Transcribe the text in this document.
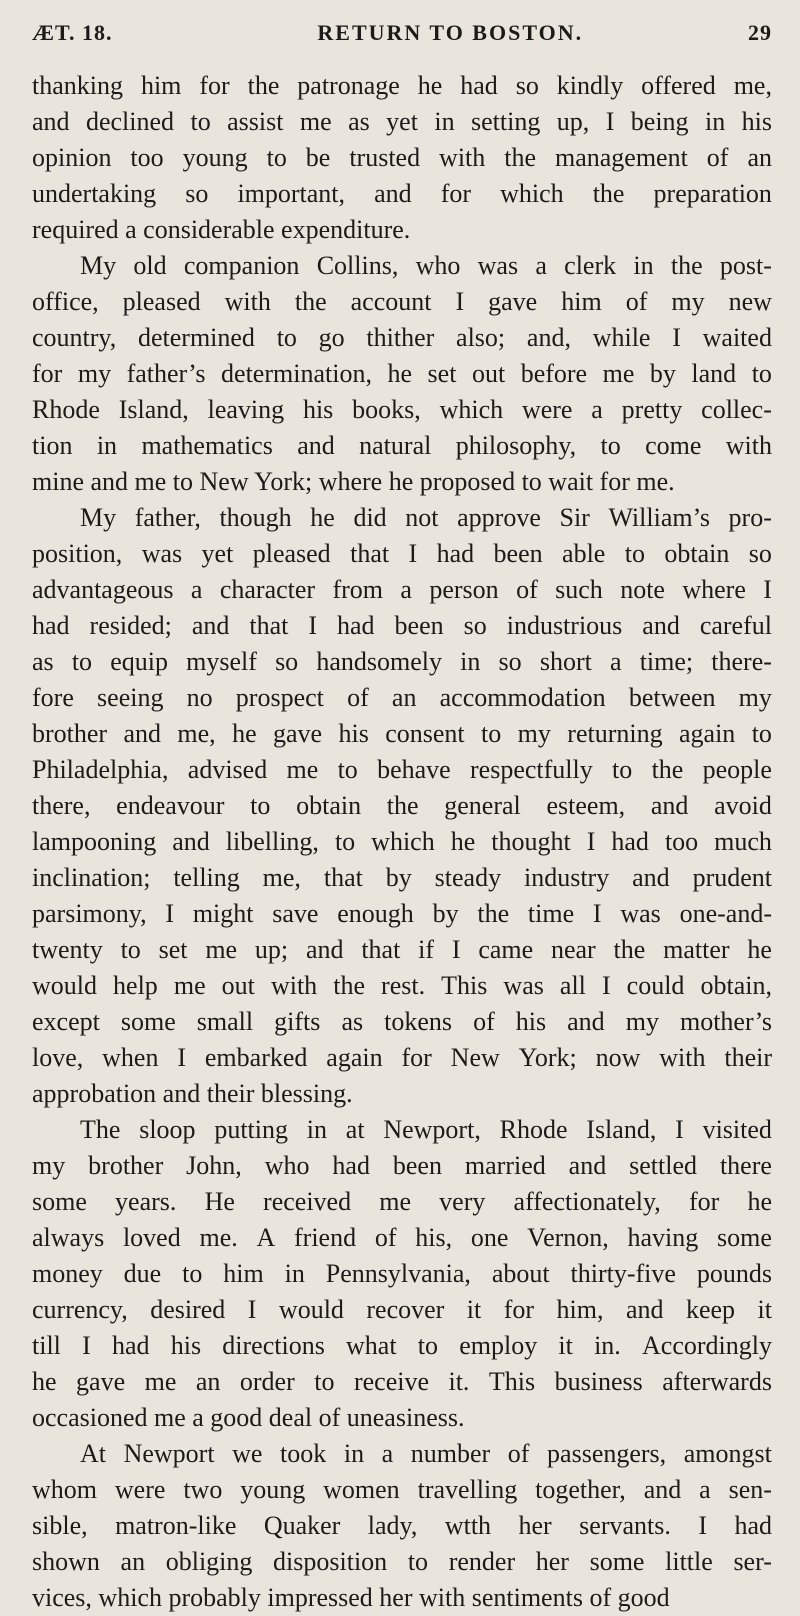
ÆT. 18.	RETURN TO BOSTON.	29
thanking him for the patronage he had so kindly offered me,
and declined to assist me as yet in setting up, I being in his
opinion too young to be trusted with the management of an
undertaking so important, and for which the preparation
required a considerable expenditure.
My old companion Collins, who was a clerk in the post-
office, pleased with the account I gave him of my new
country, determined to go thither also; and, while I waited
for my father’s determination, he set out before me by land to
Rhode Island, leaving his books, which were a pretty collec-
tion in mathematics and natural philosophy, to come with
mine and me to New York; where he proposed to wait for me.
My father, though he did not approve Sir William’s pro-
position, was yet pleased that I had been able to obtain so
advantageous a character from a person of such note where I
had resided; and that I had been so industrious and careful
as to equip myself so handsomely in so short a time; there-
fore seeing no prospect of an accommodation between my
brother and me, he gave his consent to my returning again to
Philadelphia, advised me to behave respectfully to the people
there, endeavour to obtain the general esteem, and avoid
lampooning and libelling, to which he thought I had too much
inclination; telling me, that by steady industry and prudent
parsimony, I might save enough by the time I was one-and-
twenty to set me up; and that if I came near the matter he
would help me out with the rest. This was all I could obtain,
except some small gifts as tokens of his and my mother’s
love, when I embarked again for New York; now with their
approbation and their blessing.
The sloop putting in at Newport, Rhode Island, I visited
my brother John, who had been married and settled there
some years. He received me very affectionately, for he
always loved me. A friend of his, one Vernon, having some
money due to him in Pennsylvania, about thirty-five pounds
currency, desired I would recover it for him, and keep it
till I had his directions what to employ it in. Accordingly
he gave me an order to receive it. This business afterwards
occasioned me a good deal of uneasiness.
At Newport we took in a number of passengers, amongst
whom were two young women travelling together, and a sen-
sible, matron-like Quaker lady, wtth her servants. I had
shown an obliging disposition to render her some little ser-
vices, which probably impressed her with sentiments of good
